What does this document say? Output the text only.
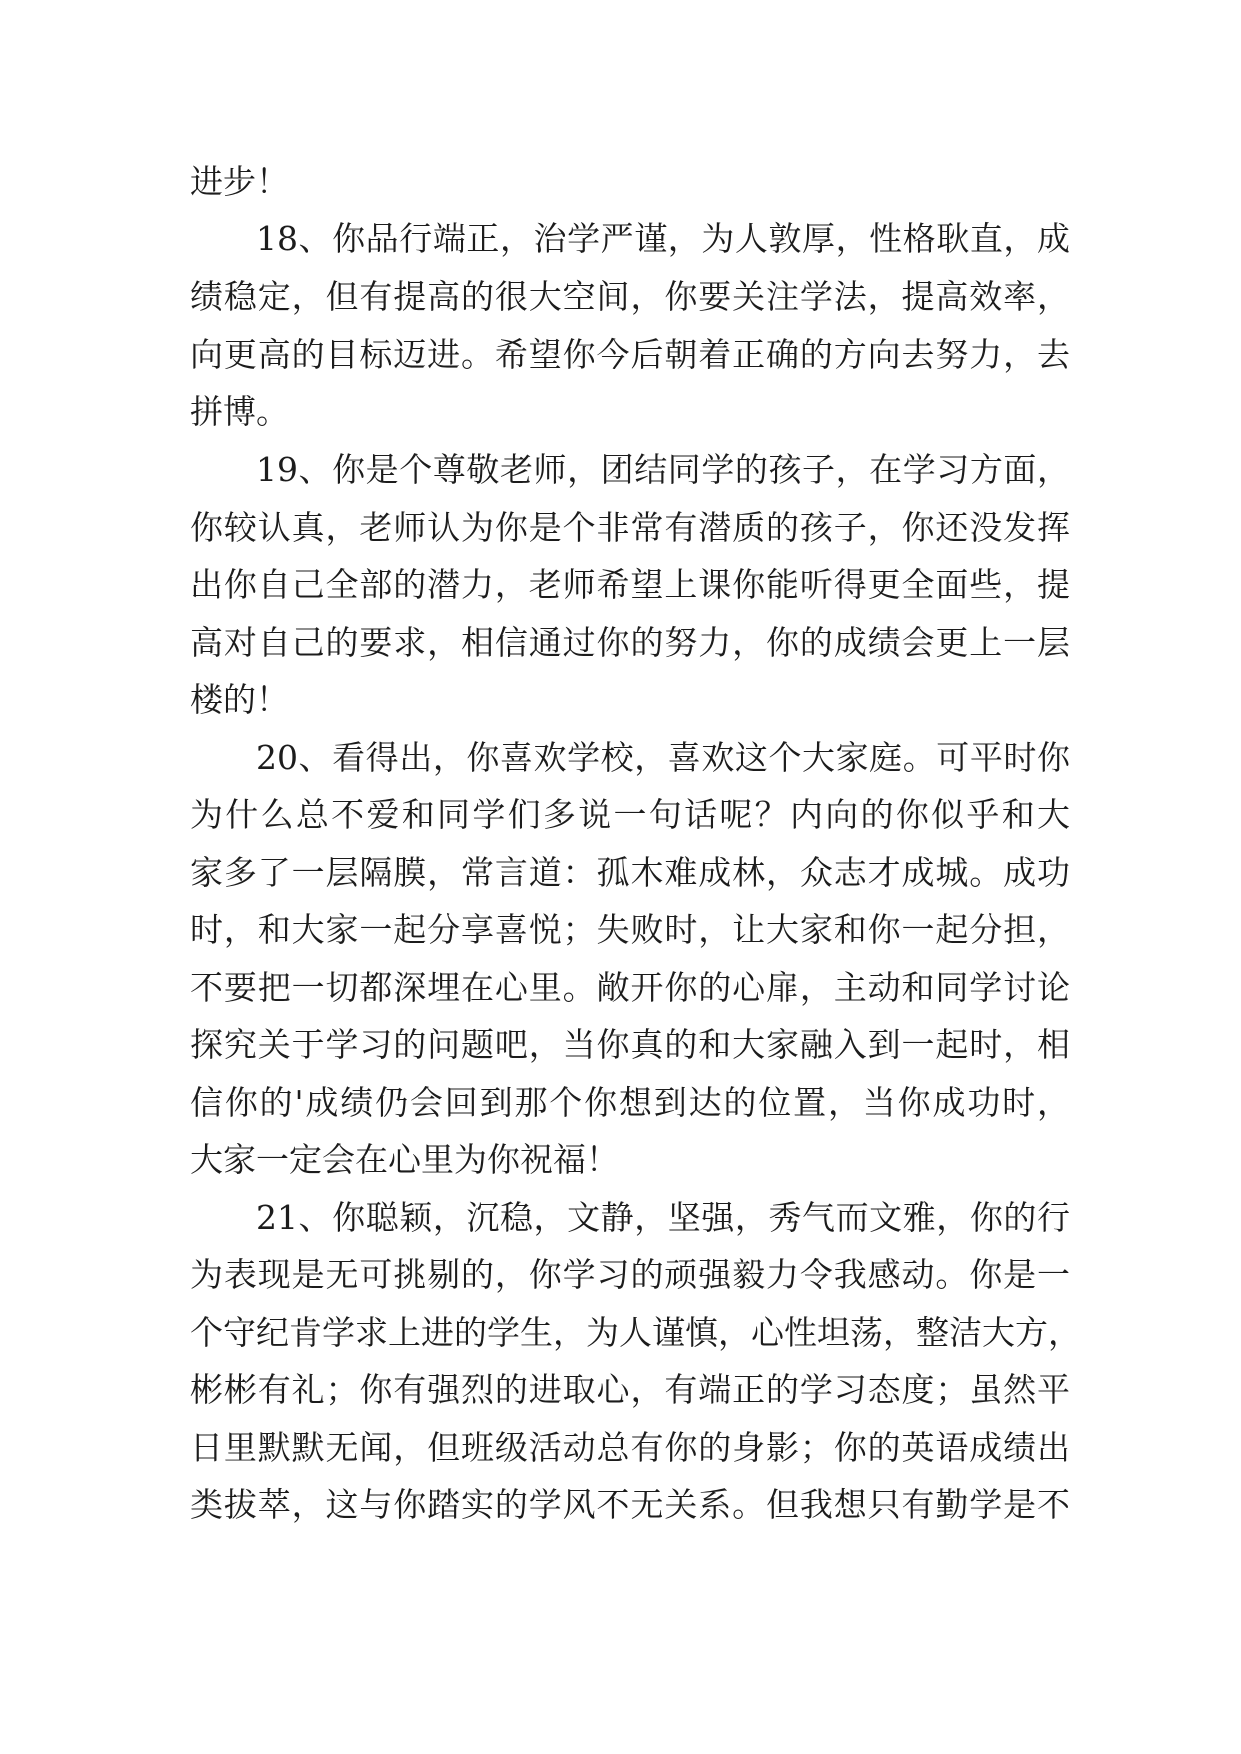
进步！
18、你品行端正，治学严谨，为人敦厚，性格耿直，成
绩稳定，但有提高的很大空间，你要关注学法，提高效率，
向更高的目标迈进。希望你今后朝着正确的方向去努力，去
拼博。
19、你是个尊敬老师，团结同学的孩子，在学习方面，
你较认真，老师认为你是个非常有潜质的孩子，你还没发挥
出你自己全部的潜力，老师希望上课你能听得更全面些，提
高对自己的要求，相信通过你的努力，你的成绩会更上一层
楼的！
20、看得出，你喜欢学校，喜欢这个大家庭。可平时你
为什么总不爱和同学们多说一句话呢？内向的你似乎和大
家多了一层隔膜，常言道：孤木难成林，众志才成城。成功
时，和大家一起分享喜悦；失败时，让大家和你一起分担，
不要把一切都深埋在心里。敞开你的心扉，主动和同学讨论
探究关于学习的问题吧，当你真的和大家融入到一起时，相
信你的'成绩仍会回到那个你想到达的位置，当你成功时，
大家一定会在心里为你祝福！
21、你聪颖，沉稳，文静，坚强，秀气而文雅，你的行
为表现是无可挑剔的，你学习的顽强毅力令我感动。你是一
个守纪肯学求上进的学生，为人谨慎，心性坦荡，整洁大方，
彬彬有礼；你有强烈的进取心，有端正的学习态度；虽然平
日里默默无闻，但班级活动总有你的身影；你的英语成绩出
类拔萃，这与你踏实的学风不无关系。但我想只有勤学是不
